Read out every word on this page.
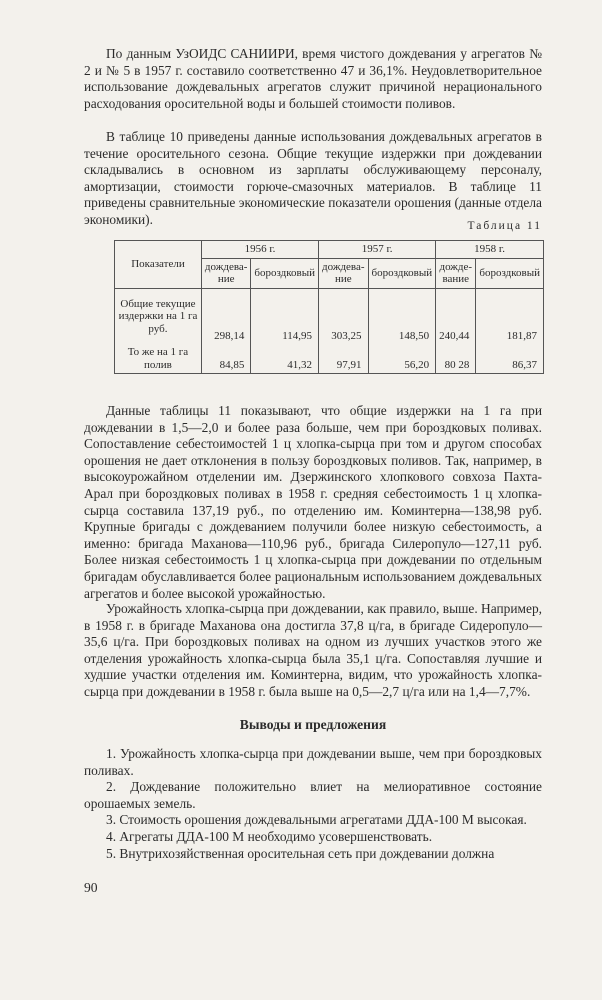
По данным УзОИДС САНИИРИ, время чистого дождевания у агрегатов № 2 и № 5 в 1957 г. составило соответственно 47 и 36,1%. Неудовлетворительное использование дождевальных агрегатов служит причиной нерационального расходования оросительной воды и большей стоимости поливов.

В таблице 10 приведены данные использования дождевальных агрегатов в течение оросительного сезона. Общие текущие издержки при дождевании складывались в основном из зарплаты обслуживающему персоналу, амортизации, стоимости горюче-смазочных материалов. В таблице 11 приведены сравнительные экономические показатели орошения (данные отдела экономики).	Таблица 11
Показатели	1956 г.		1957 г.		1958 г.	
	дождева-ние	бороздковый	дождева-ние	бороздковый	дожде-вание	бороздковый
Общие текущие издержки на 1 га руб.	298,14	114,95	303,25	148,50	240,44	181,87
То же на 1 га полив	84,85	41,32	97,91	56,20	80 28	86,37

Данные таблицы 11 показывают, что общие издержки на 1 га при дождевании в 1,5—2,0 и более раза больше, чем при бороздковых поливах. Сопоставление себестоимостей 1 ц хлопка-сырца при том и другом способах орошения не дает отклонения в пользу бороздковых поливов. Так, например, в высокоурожайном отделении им. Дзержинского хлопкового совхоза Пахта-Арал при бороздковых поливах в 1958 г. средняя себестоимость 1 ц хлопка-сырца составила 137,19 руб., по отделению им. Коминтерна—138,98 руб. Крупные бригады с дождеванием получили более низкую себестоимость, а именно: бригада Маханова—110,96 руб., бригада Силеропуло—127,11 руб. Более низкая себестоимость 1 ц хлопка-сырца при дождевании по отдельным бригадам обуславливается более рациональным использованием дождевальных агрегатов и более высокой урожайностью.

Урожайность хлопка-сырца при дождевании, как правило, выше. Например, в 1958 г. в бригаде Маханова она достигла 37,8 ц/га, в бригаде Сидеропуло—35,6 ц/га. При бороздковых поливах на одном из лучших участков этого же отделения урожайность хлопка-сырца была 35,1 ц/га. Сопоставляя лучшие и худшие участки отделения им. Коминтерна, видим, что урожайность хлопка-сырца при дождевании в 1958 г. была выше на 0,5—2,7 ц/га или на 1,4—7,7%.

Выводы и предложения

1. Урожайность хлопка-сырца при дождевании выше, чем при бороздковых поливах.

2. Дождевание положительно влиет на мелиоративное состояние орошаемых земель.

3. Стоимость орошения дождевальными агрегатами ДДА-100 М высокая.

4. Агрегаты ДДА-100 М необходимо усовершенствовать.

5. Внутрихозяйственная оросительная сеть при дождевании должна

90
